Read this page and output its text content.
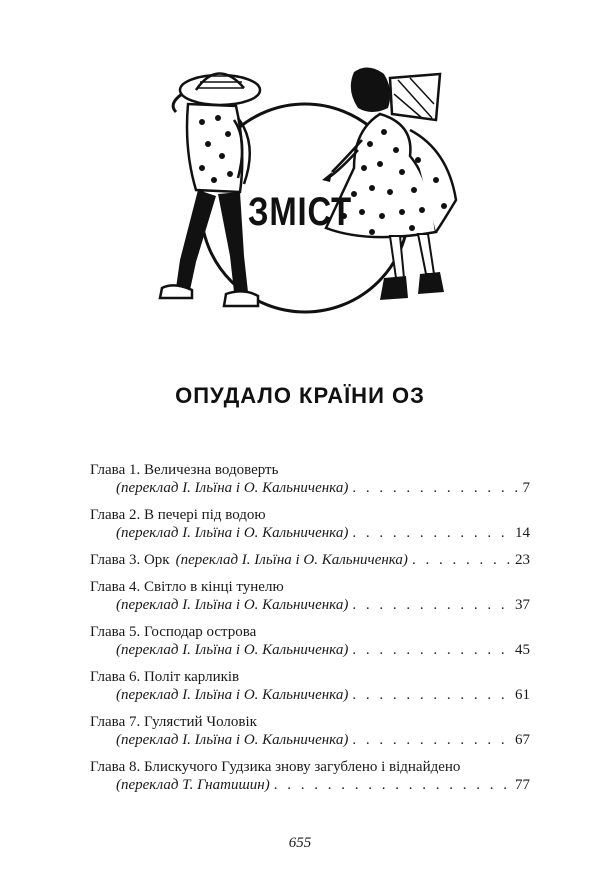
ЗМІСТ
ОПУДАЛО КРАЇНИ ОЗ
Глава 1. Величезна водоверть
(переклад І. Ільїна і О. Кальниченка) . . .	7
Глава 2. В печері під водою
(переклад І. Ільїна і О. Кальниченка) . . .	14
Глава 3. Орк (переклад І. Ільїна і О. Кальниченка) . . .	23
Глава 4. Світло в кінці тунелю
(переклад І. Ільїна і О. Кальниченка) . . .	37
Глава 5. Господар острова
(переклад І. Ільїна і О. Кальниченка) . . .	45
Глава 6. Політ карликів
(переклад І. Ільїна і О. Кальниченка) . . .	61
Глава 7. Гулястий Чоловік
(переклад І. Ільїна і О. Кальниченка) . . .	67
Глава 8. Блискучого Гудзика знову загублено і віднайдено
(переклад Т. Гнатишин) . . .	77
655
